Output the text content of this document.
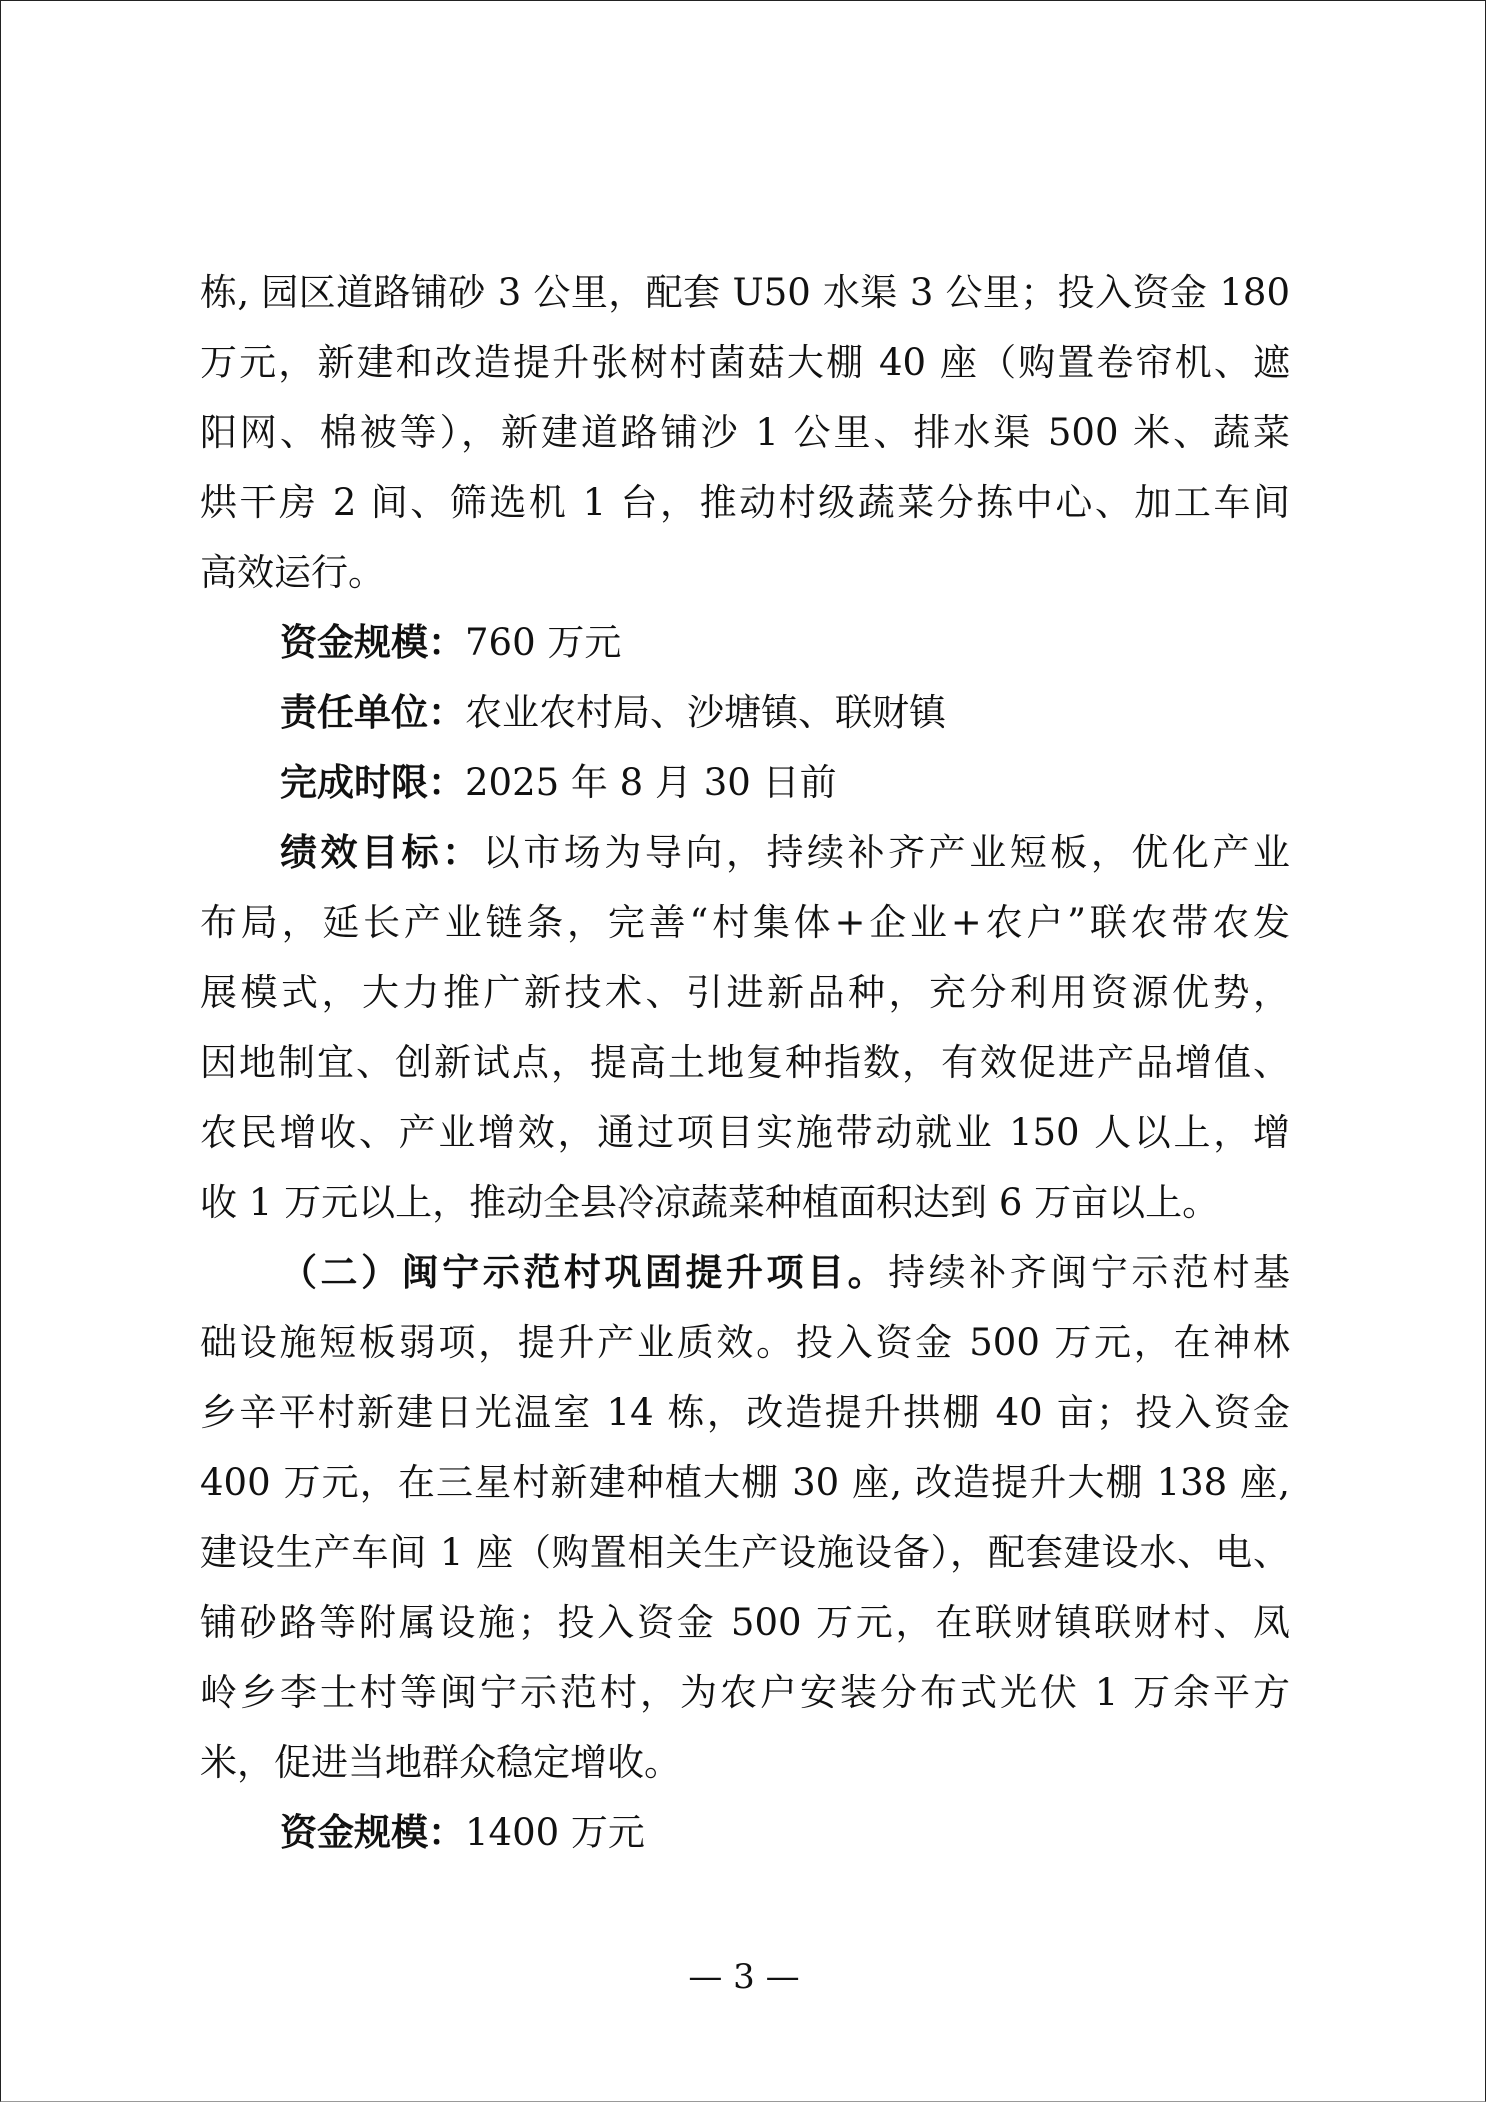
栋, 园区道路铺砂 3 公里，配套 U50 水渠 3 公里；投入资金 180
万元，新建和改造提升张树村菌菇大棚 40 座（购置卷帘机、遮
阳网、棉被等），新建道路铺沙 1 公里、排水渠 500 米、蔬菜
烘干房 2 间、筛选机 1 台，推动村级蔬菜分拣中心、加工车间
高效运行。
资金规模：760 万元
责任单位：农业农村局、沙塘镇、联财镇
完成时限：2025 年 8 月 30 日前
绩效目标：以市场为导向，持续补齐产业短板，优化产业
布局，延长产业链条，完善“村集体+企业+农户”联农带农发
展模式，大力推广新技术、引进新品种，充分利用资源优势，
因地制宜、创新试点，提高土地复种指数，有效促进产品增值、
农民增收、产业增效，通过项目实施带动就业 150 人以上，增
收 1 万元以上，推动全县冷凉蔬菜种植面积达到 6 万亩以上。
（二）闽宁示范村巩固提升项目。持续补齐闽宁示范村基
础设施短板弱项，提升产业质效。投入资金 500 万元，在神林
乡辛平村新建日光温室 14 栋，改造提升拱棚 40 亩；投入资金
400 万元，在三星村新建种植大棚 30 座, 改造提升大棚 138 座,
建设生产车间 1 座（购置相关生产设施设备），配套建设水、电、
铺砂路等附属设施；投入资金 500 万元，在联财镇联财村、凤
岭乡李士村等闽宁示范村，为农户安装分布式光伏 1 万余平方
米，促进当地群众稳定增收。
资金规模：1400 万元
— 3 —
